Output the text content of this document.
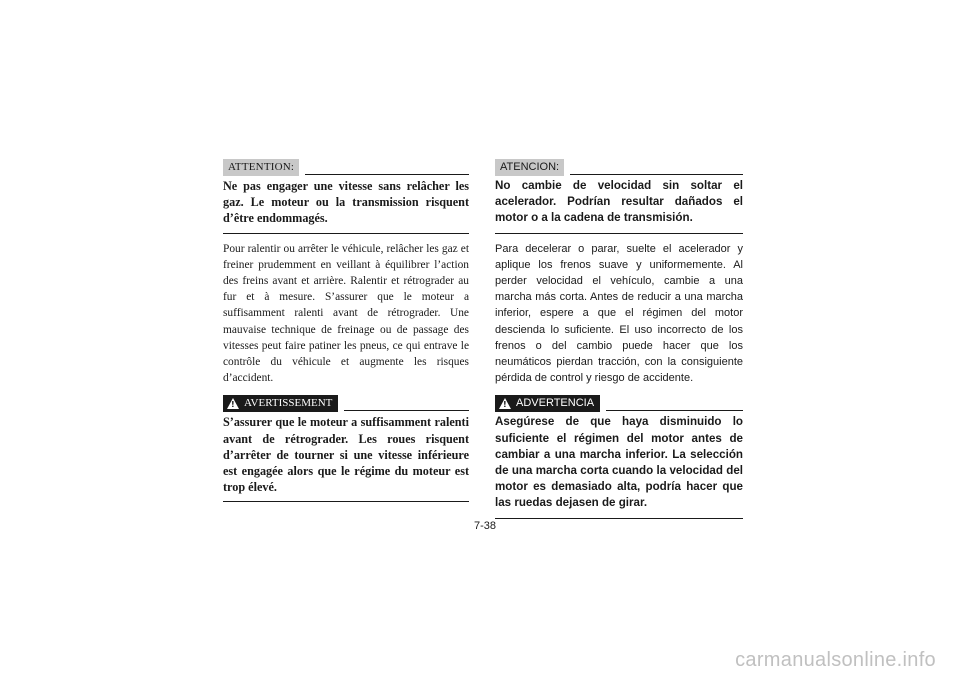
ATTENTION:
Ne pas engager une vitesse sans relâcher les gaz. Le moteur ou la transmission risquent d’être endommagés.
Pour ralentir ou arrêter le véhicule, relâcher les gaz et freiner prudemment en veillant à équilibrer l’action des freins avant et arrière. Ralentir et rétrograder au fur et à mesure. S’assurer que le moteur a suffisamment ralenti avant de rétrograder. Une mauvaise technique de freinage ou de passage des vitesses peut faire patiner les pneus, ce qui entrave le contrôle du véhicule et augmente les risques d’accident.
! AVERTISSEMENT
S’assurer que le moteur a suffisamment ralenti avant de rétrograder. Les roues risquent d’arrêter de tourner si une vitesse inférieure est engagée alors que le régime du moteur est trop élevé.
ATENCION:
No cambie de velocidad sin soltar el acelerador. Podrían resultar dañados el motor o a la cadena de transmisión.
Para decelerar o parar, suelte el acelerador y aplique los frenos suave y uniformemente. Al perder velocidad el vehículo, cambie a una marcha más corta. Antes de reducir a una marcha inferior, espere a que el régimen del motor descienda lo suficiente. El uso incorrecto de los frenos o del cambio puede hacer que los neumáticos pierdan tracción, con la consiguiente pérdida de control y riesgo de accidente.
! ADVERTENCIA
Asegúrese de que haya disminuido lo suficiente el régimen del motor antes de cambiar a una marcha inferior. La selección de una marcha corta cuando la velocidad del motor es demasiado alta, podría hacer que las ruedas dejasen de girar.
7-38
carmanualsonline.info
